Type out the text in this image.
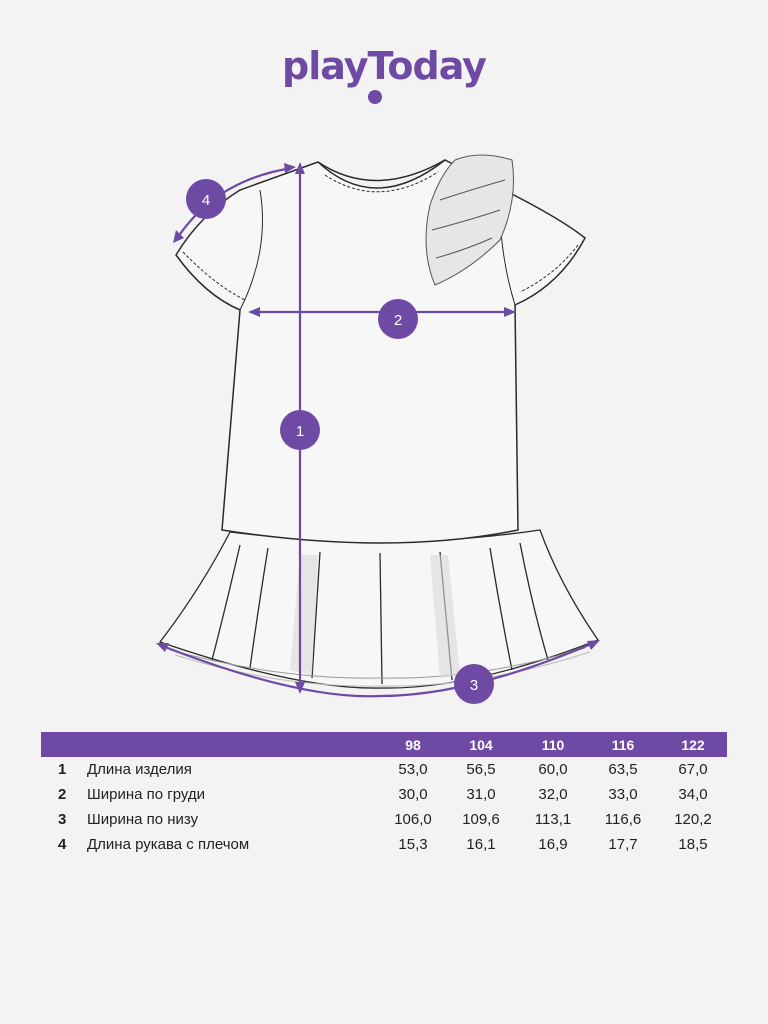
playToday
1
2
3
4
98	104	110	116	122
1 Длина изделия	53,0	56,5	60,0	63,5	67,0
2 Ширина по груди	30,0	31,0	32,0	33,0	34,0
3 Ширина по низу	106,0	109,6	113,1	116,6	120,2
4 Длина рукава с плечом	15,3	16,1	16,9	17,7	18,5
